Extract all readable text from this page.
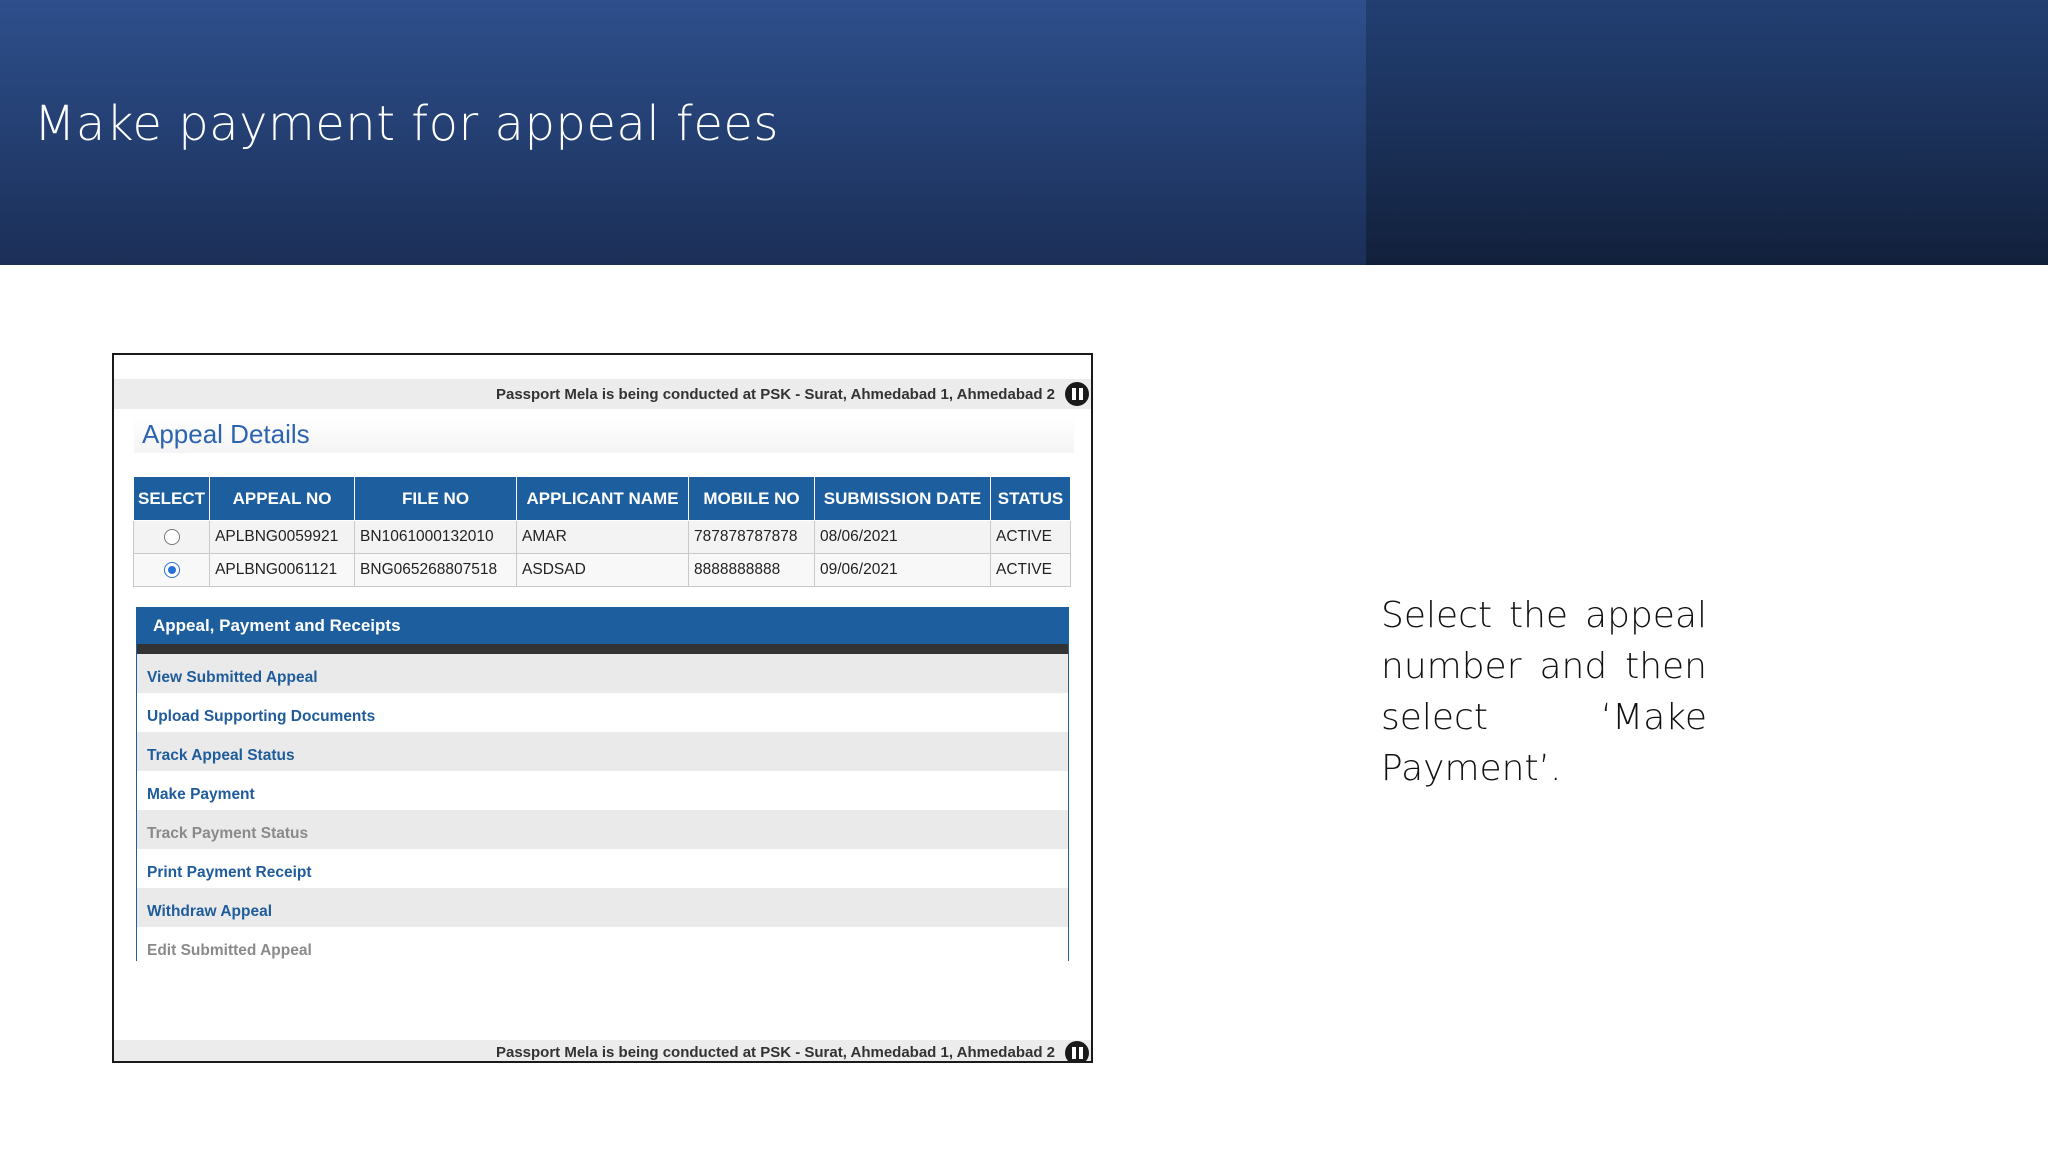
Make payment for appeal fees
Passport Mela is being conducted at PSK - Surat, Ahmedabad 1, Ahmedabad 2
Appeal Details
SELECT	APPEAL NO	FILE NO	APPLICANT NAME	MOBILE NO	SUBMISSION DATE	STATUS
	APLBNG0059921	BN1061000132010	AMAR	787878787878	08/06/2021	ACTIVE
	APLBNG0061121	BNG065268807518	ASDSAD	8888888888	09/06/2021	ACTIVE
Appeal, Payment and Receipts
View Submitted Appeal
Upload Supporting Documents
Track Appeal Status
Make Payment
Track Payment Status
Print Payment Receipt
Withdraw Appeal
Edit Submitted Appeal
Passport Mela is being conducted at PSK - Surat, Ahmedabad 1, Ahmedabad 2
Select the appeal number and then select ‘Make Payment’.
